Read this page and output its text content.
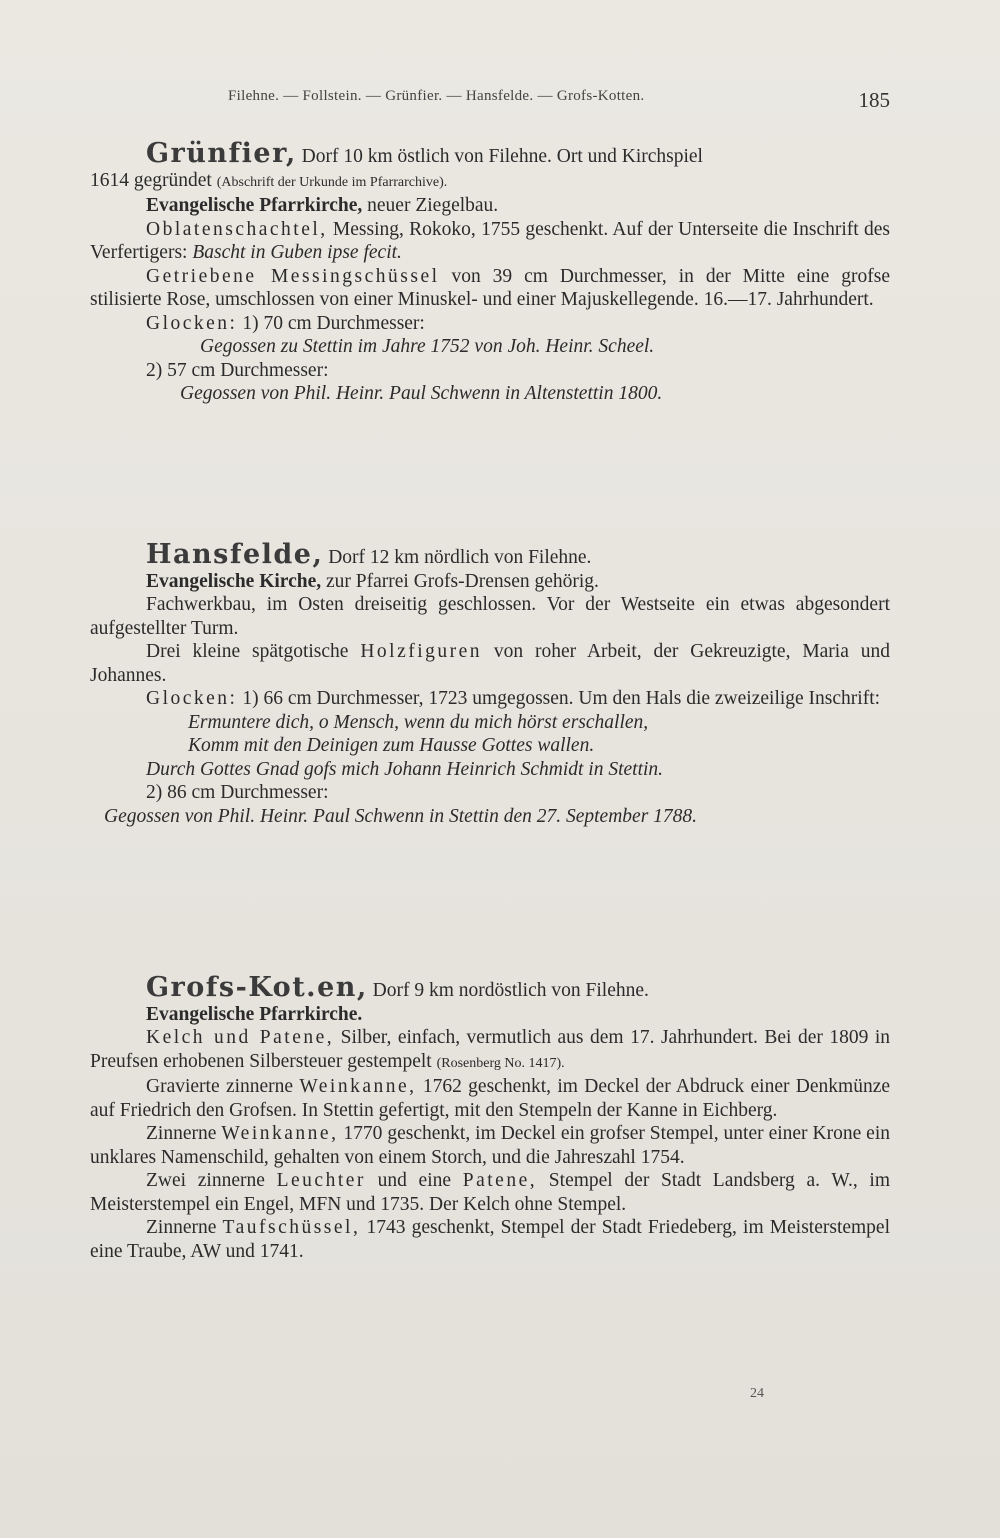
Filehne. — Follstein. — Grünfier. — Hansfelde. — Grofs-Kotten.	185

Grünfier, Dorf 10 km östlich von Filehne. Ort und Kirchspiel

1614 gegründet (Abschrift der Urkunde im Pfarrarchive).

Evangelische Pfarrkirche, neuer Ziegelbau.

Oblatenschachtel, Messing, Rokoko, 1755 geschenkt. Auf der Unterseite die Inschrift des Verfertigers: Bascht in Guben ipse fecit.

Getriebene Messingschüssel von 39 cm Durchmesser, in der Mitte eine grofse stilisierte Rose, umschlossen von einer Minuskel- und einer Majuskellegende. 16.—17. Jahrhundert.

Glocken: 1) 70 cm Durchmesser:

Gegossen zu Stettin im Jahre 1752 von Joh. Heinr. Scheel.

2) 57 cm Durchmesser:

Gegossen von Phil. Heinr. Paul Schwenn in Altenstettin 1800.

Hansfelde, Dorf 12 km nördlich von Filehne.

Evangelische Kirche, zur Pfarrei Grofs-Drensen gehörig.

Fachwerkbau, im Osten dreiseitig geschlossen. Vor der Westseite ein etwas abgesondert aufgestellter Turm.

Drei kleine spätgotische Holzfiguren von roher Arbeit, der Gekreuzigte, Maria und Johannes.

Glocken: 1) 66 cm Durchmesser, 1723 umgegossen. Um den Hals die zweizeilige Inschrift:

Ermuntere dich, o Mensch, wenn du mich hörst erschallen,

Komm mit den Deinigen zum Hausse Gottes wallen.

Durch Gottes Gnad gofs mich Johann Heinrich Schmidt in Stettin.

2) 86 cm Durchmesser:

Gegossen von Phil. Heinr. Paul Schwenn in Stettin den 27. September 1788.

Grofs-Kot.en, Dorf 9 km nordöstlich von Filehne.

Evangelische Pfarrkirche.

Kelch und Patene, Silber, einfach, vermutlich aus dem 17. Jahrhundert. Bei der 1809 in Preufsen erhobenen Silbersteuer gestempelt (Rosenberg No. 1417).

Gravierte zinnerne Weinkanne, 1762 geschenkt, im Deckel der Abdruck einer Denkmünze auf Friedrich den Grofsen. In Stettin gefertigt, mit den Stempeln der Kanne in Eichberg.

Zinnerne Weinkanne, 1770 geschenkt, im Deckel ein grofser Stempel, unter einer Krone ein unklares Namenschild, gehalten von einem Storch, und die Jahreszahl 1754.

Zwei zinnerne Leuchter und eine Patene, Stempel der Stadt Landsberg a. W., im Meisterstempel ein Engel, MFN und 1735. Der Kelch ohne Stempel.

Zinnerne Taufschüssel, 1743 geschenkt, Stempel der Stadt Friedeberg, im Meisterstempel eine Traube, AW und 1741.

24
